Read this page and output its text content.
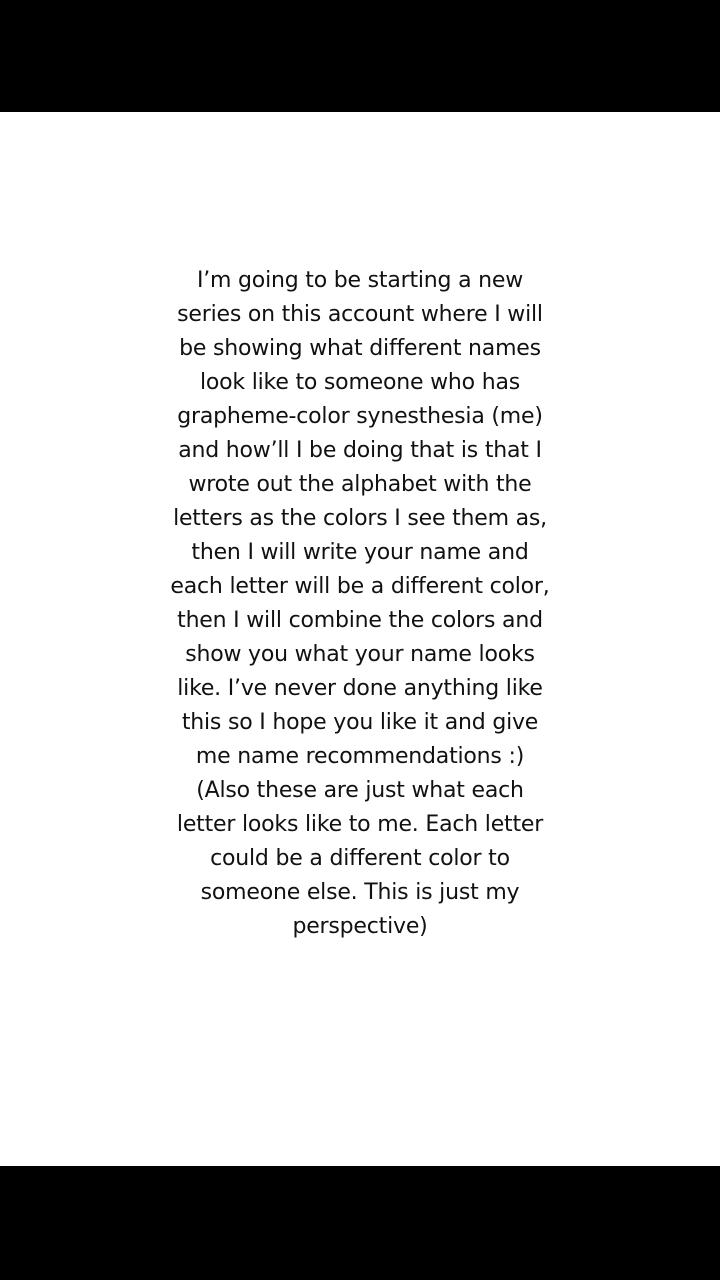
I’m going to be starting a new
series on this account where I will
be showing what different names
look like to someone who has
grapheme-color synesthesia (me)
and how’ll I be doing that is that I
wrote out the alphabet with the
letters as the colors I see them as,
then I will write your name and
each letter will be a different color,
then I will combine the colors and
show you what your name looks
like. I’ve never done anything like
this so I hope you like it and give
me name recommendations :)
(Also these are just what each
letter looks like to me. Each letter
could be a different color to
someone else. This is just my
perspective)
